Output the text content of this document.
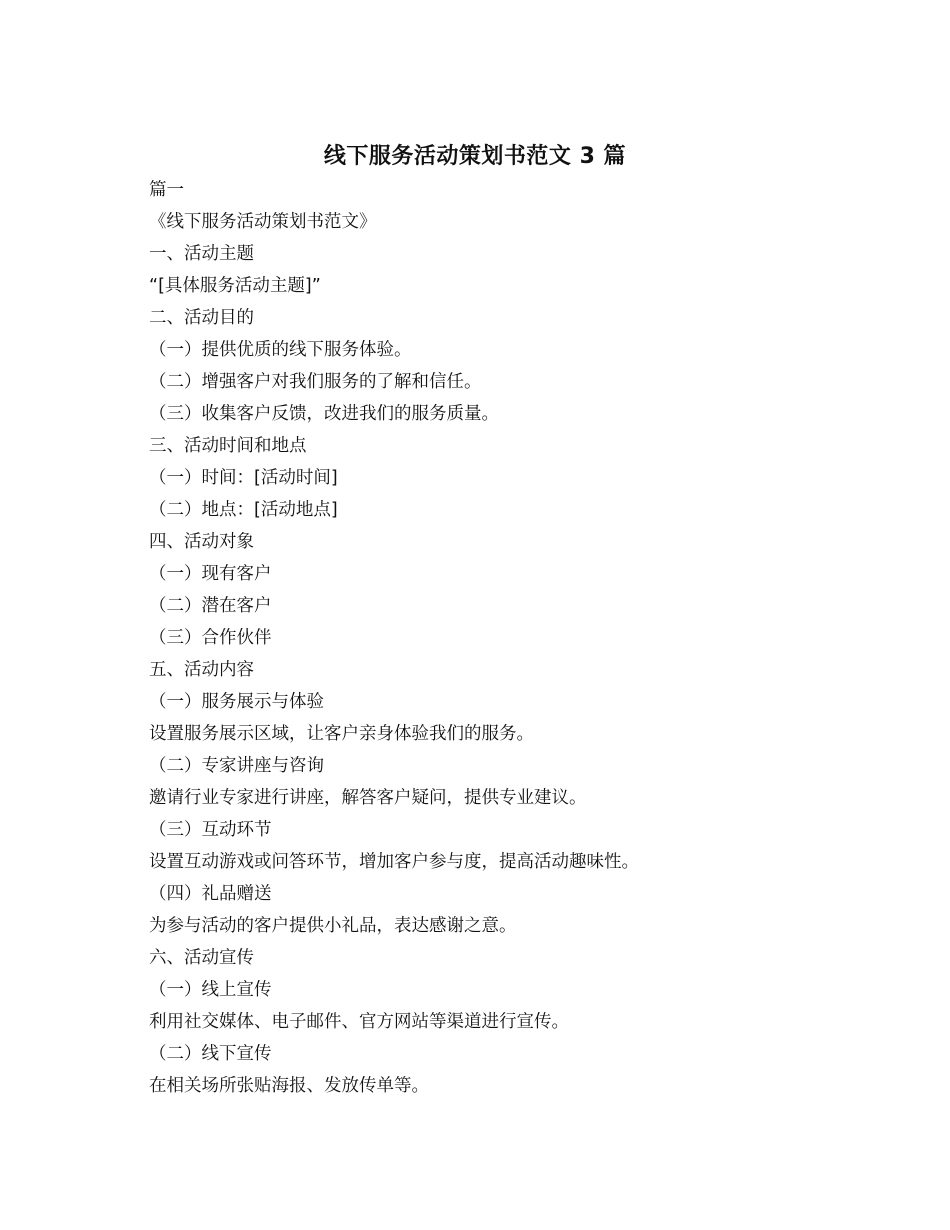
线下服务活动策划书范文 3 篇
篇一
《线下服务活动策划书范文》
一、活动主题
“[具体服务活动主题]”
二、活动目的
（一）提供优质的线下服务体验。
（二）增强客户对我们服务的了解和信任。
（三）收集客户反馈，改进我们的服务质量。
三、活动时间和地点
（一）时间：[活动时间]
（二）地点：[活动地点]
四、活动对象
（一）现有客户
（二）潜在客户
（三）合作伙伴
五、活动内容
（一）服务展示与体验
设置服务展示区域，让客户亲身体验我们的服务。
（二）专家讲座与咨询
邀请行业专家进行讲座，解答客户疑问，提供专业建议。
（三）互动环节
设置互动游戏或问答环节，增加客户参与度，提高活动趣味性。
（四）礼品赠送
为参与活动的客户提供小礼品，表达感谢之意。
六、活动宣传
（一）线上宣传
利用社交媒体、电子邮件、官方网站等渠道进行宣传。
（二）线下宣传
在相关场所张贴海报、发放传单等。
